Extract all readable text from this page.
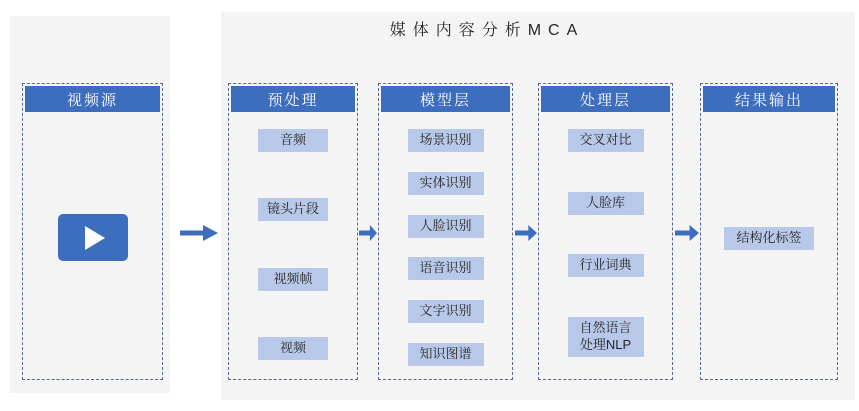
媒体内容分析MCA
视频源	预处理
音频
镜头片段
视频帧
视频
模型层
场景识别
实体识别
人脸识别
语音识别
文字识别
知识图谱
处理层
交叉对比
人脸库
行业词典
自然语言处理NLP
结果输出
结构化标签
